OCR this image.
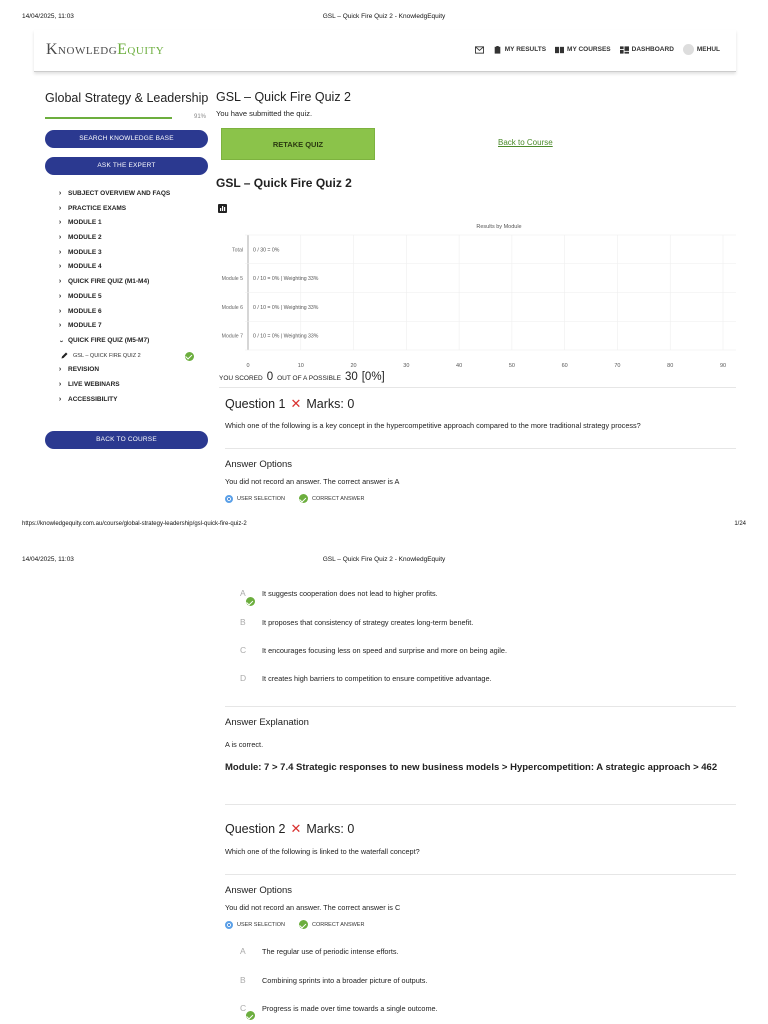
14/04/2025, 11:03	GSL – Quick Fire Quiz 2 - KnowledgEquity
KnowledgEquity	MY RESULTS	MY COURSES	DASHBOARD	MEHUL
Global Strategy & Leadership
91%
SEARCH KNOWLEDGE BASE
ASK THE EXPERT
› SUBJECT OVERVIEW AND FAQS
› PRACTICE EXAMS
› MODULE 1
› MODULE 2
› MODULE 3
› MODULE 4
› QUICK FIRE QUIZ (M1-M4)
› MODULE 5
› MODULE 6
› MODULE 7
› QUICK FIRE QUIZ (M5-M7)
GSL – QUICK FIRE QUIZ 2
› REVISION
› LIVE WEBINARS
› ACCESSIBILITY
BACK TO COURSE
GSL – Quick Fire Quiz 2
You have submitted the quiz.
RETAKE QUIZ	Back to Course
GSL – Quick Fire Quiz 2
Results by Module
0	10	20	30	40	50	60	70	80	90
Total 0 / 30 = 0%
Module 5 0 / 10 = 0% | Weighting 33%
Module 6 0 / 10 = 0% | Weighting 33%
Module 7 0 / 10 = 0% | Weighting 33%
YOU SCORED 0 OUT OF A POSSIBLE 30 [0%]
Question 1 ✕ Marks: 0
Which one of the following is a key concept in the hypercompetitive approach compared to the more traditional strategy process?
Answer Options
You did not record an answer. The correct answer is A
USER SELECTION	CORRECT ANSWER
https://knowledgequity.com.au/course/global-strategy-leadership/gsl-quick-fire-quiz-2	1/24
14/04/2025, 11:03	GSL – Quick Fire Quiz 2 - KnowledgEquity
A	It suggests cooperation does not lead to higher profits.
B	It proposes that consistency of strategy creates long-term benefit.
C	It encourages focusing less on speed and surprise and more on being agile.
D	It creates high barriers to competition to ensure competitive advantage.
Answer Explanation
A is correct.
Module: 7 > 7.4 Strategic responses to new business models > Hypercompetition: A strategic approach > 462
Question 2 ✕ Marks: 0
Which one of the following is linked to the waterfall concept?
Answer Options
You did not record an answer. The correct answer is C
USER SELECTION	CORRECT ANSWER
A	The regular use of periodic intense efforts.
B	Combining sprints into a broader picture of outputs.
C	Progress is made over time towards a single outcome.
